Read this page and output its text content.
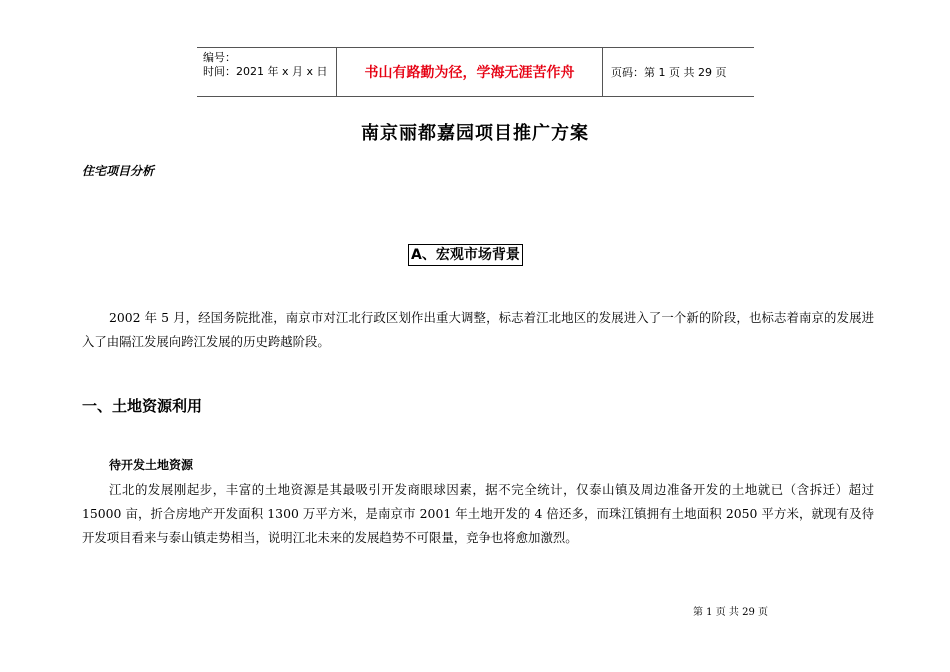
编号：
时间：2021 年 x 月 x 日	书山有路勤为径，学海无涯苦作舟	页码：第 1 页 共 29 页
南京丽都嘉园项目推广方案
住宅项目分析
A、宏观市场背景
2002 年 5 月，经国务院批准，南京市对江北行政区划作出重大调整，标志着江北地区的发展进入了一个新的阶段，也标志着南京的发展进入了由隔江发展向跨江发展的历史跨越阶段。
一、土地资源利用
待开发土地资源
江北的发展刚起步，丰富的土地资源是其最吸引开发商眼球因素，据不完全统计，仅泰山镇及周边准备开发的土地就已（含拆迁）超过 15000 亩，折合房地产开发面积 1300 万平方米，是南京市 2001 年土地开发的 4 倍还多，而珠江镇拥有土地面积 2050 平方米，就现有及待开发项目看来与泰山镇走势相当，说明江北未来的发展趋势不可限量，竞争也将愈加激烈。
第 1 页 共 29 页
